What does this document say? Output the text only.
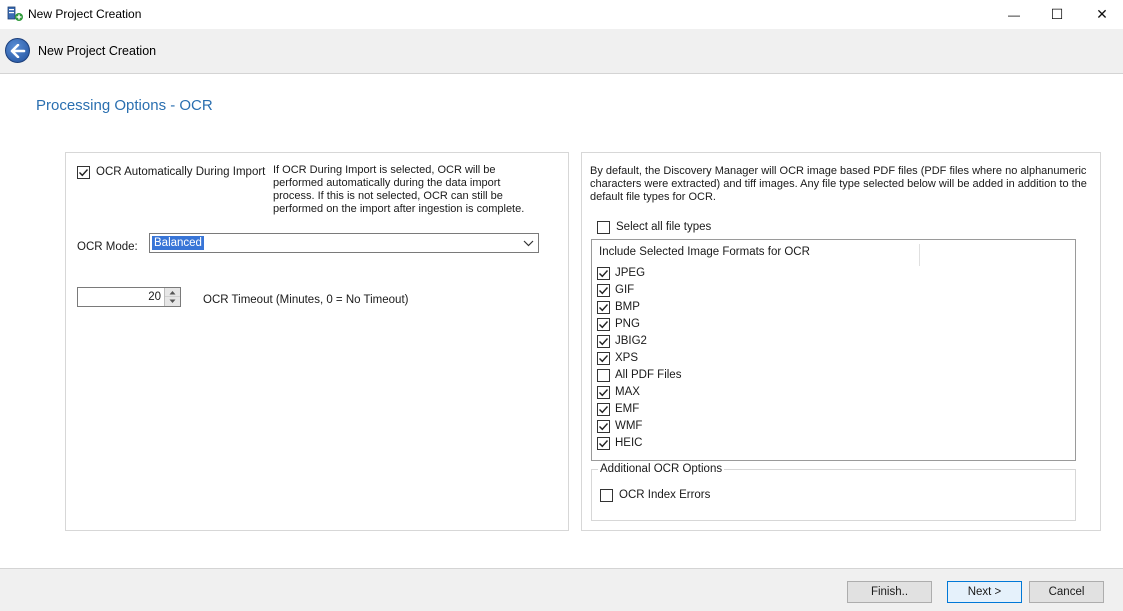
New Project Creation	— ☐ ✕
New Project Creation
Processing Options - OCR
OCR Automatically During Import If OCR During Import is selected, OCR will be performed automatically during the data import process. If this is not selected, OCR can still be performed on the import after ingestion is complete.
OCR Mode: Balanced
20	OCR Timeout (Minutes, 0 = No Timeout)
By default, the Discovery Manager will OCR image based PDF files (PDF files where no alphanumeric characters were extracted) and tiff images. Any file type selected below will be added in addition to the default file types for OCR.
Select all file types
Include Selected Image Formats for OCR
JPEG
GIF
BMP
PNG
JBIG2
XPS
All PDF Files
MAX
EMF
WMF
HEIC
Additional OCR Options
OCR Index Errors
Finish..	Next >	Cancel
